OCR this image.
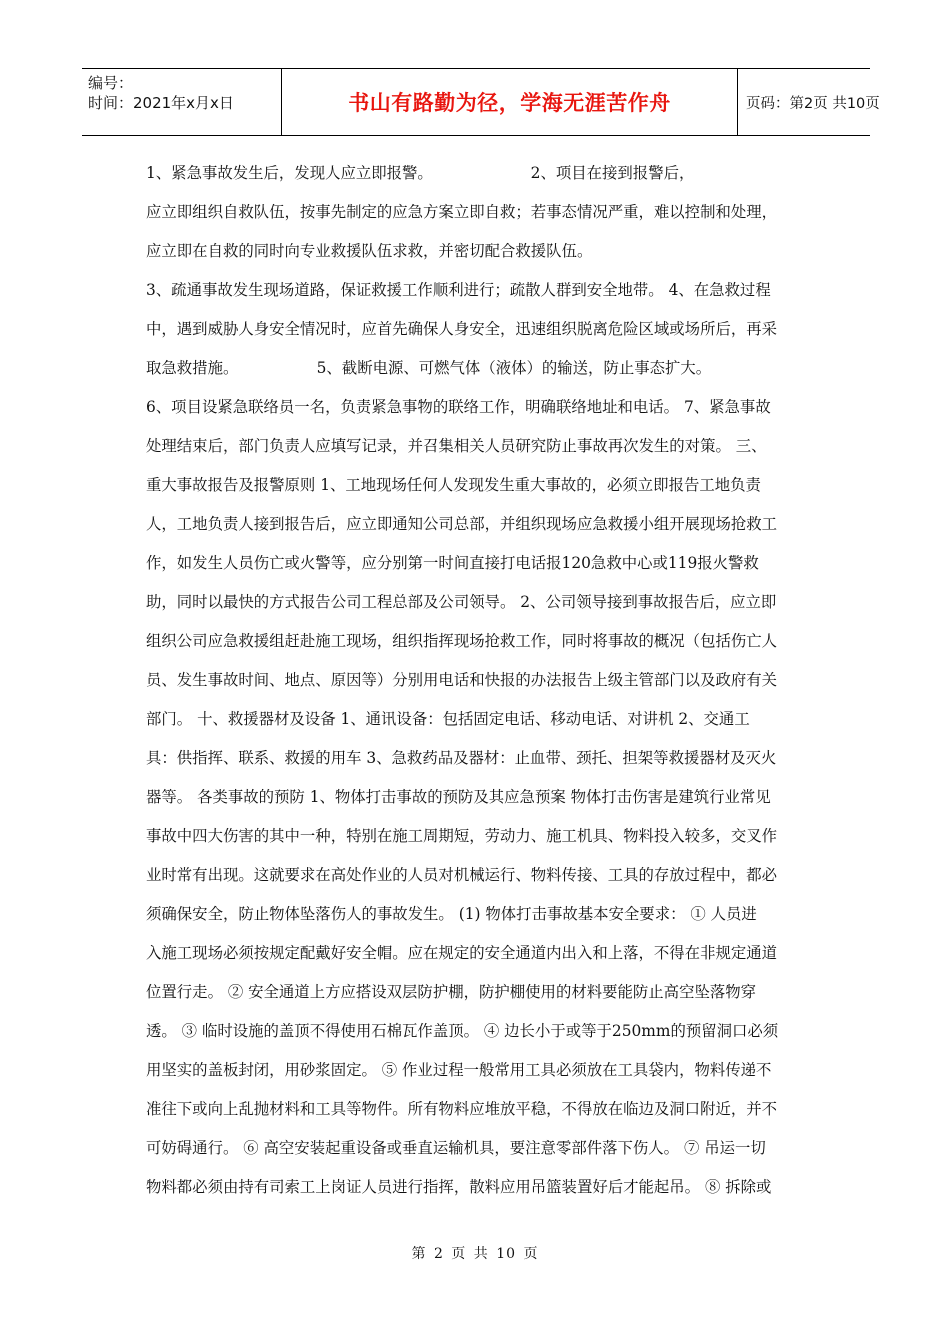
编号：
时间：2021年x月x日	书山有路勤为径，学海无涯苦作舟	页码：第2页 共10页
1、紧急事故发生后，发现人应立即报警。                    2、项目在接到报警后，
应立即组织自救队伍，按事先制定的应急方案立即自救；若事态情况严重，难以控制和处理，
应立即在自救的同时向专业救援队伍求救，并密切配合救援队伍。
3、疏通事故发生现场道路，保证救援工作顺利进行；疏散人群到安全地带。 4、在急救过程
中，遇到威胁人身安全情况时，应首先确保人身安全，迅速组织脱离危险区域或场所后，再采
取急救措施。                5、截断电源、可燃气体（液体）的输送，防止事态扩大。
6、项目设紧急联络员一名，负责紧急事物的联络工作，明确联络地址和电话。 7、紧急事故
处理结束后，部门负责人应填写记录，并召集相关人员研究防止事故再次发生的对策。 三、
重大事故报告及报警原则 1、工地现场任何人发现发生重大事故的，必须立即报告工地负责
人，工地负责人接到报告后，应立即通知公司总部，并组织现场应急救援小组开展现场抢救工
作，如发生人员伤亡或火警等，应分别第一时间直接打电话报120急救中心或119报火警救
助，同时以最快的方式报告公司工程总部及公司领导。 2、公司领导接到事故报告后，应立即
组织公司应急救援组赶赴施工现场，组织指挥现场抢救工作，同时将事故的概况（包括伤亡人
员、发生事故时间、地点、原因等）分别用电话和快报的办法报告上级主管部门以及政府有关
部门。 十、救援器材及设备 1、通讯设备：包括固定电话、移动电话、对讲机 2、交通工
具：供指挥、联系、救援的用车 3、急救药品及器材：止血带、颈托、担架等救援器材及灭火
器等。 各类事故的预防 1、物体打击事故的预防及其应急预案 物体打击伤害是建筑行业常见
事故中四大伤害的其中一种，特别在施工周期短，劳动力、施工机具、物料投入较多，交叉作
业时常有出现。这就要求在高处作业的人员对机械运行、物料传接、工具的存放过程中，都必
须确保安全，防止物体坠落伤人的事故发生。 (1) 物体打击事故基本安全要求： ① 人员进
入施工现场必须按规定配戴好安全帽。应在规定的安全通道内出入和上落，不得在非规定通道
位置行走。 ② 安全通道上方应搭设双层防护棚，防护棚使用的材料要能防止高空坠落物穿
透。 ③ 临时设施的盖顶不得使用石棉瓦作盖顶。 ④ 边长小于或等于250mm的预留洞口必须
用坚实的盖板封闭，用砂浆固定。 ⑤ 作业过程一般常用工具必须放在工具袋内，物料传递不
准往下或向上乱抛材料和工具等物件。所有物料应堆放平稳，不得放在临边及洞口附近，并不
可妨碍通行。 ⑥ 高空安装起重设备或垂直运输机具，要注意零部件落下伤人。 ⑦ 吊运一切
物料都必须由持有司索工上岗证人员进行指挥，散料应用吊篮装置好后才能起吊。 ⑧ 拆除或
第 2 页 共 10 页
